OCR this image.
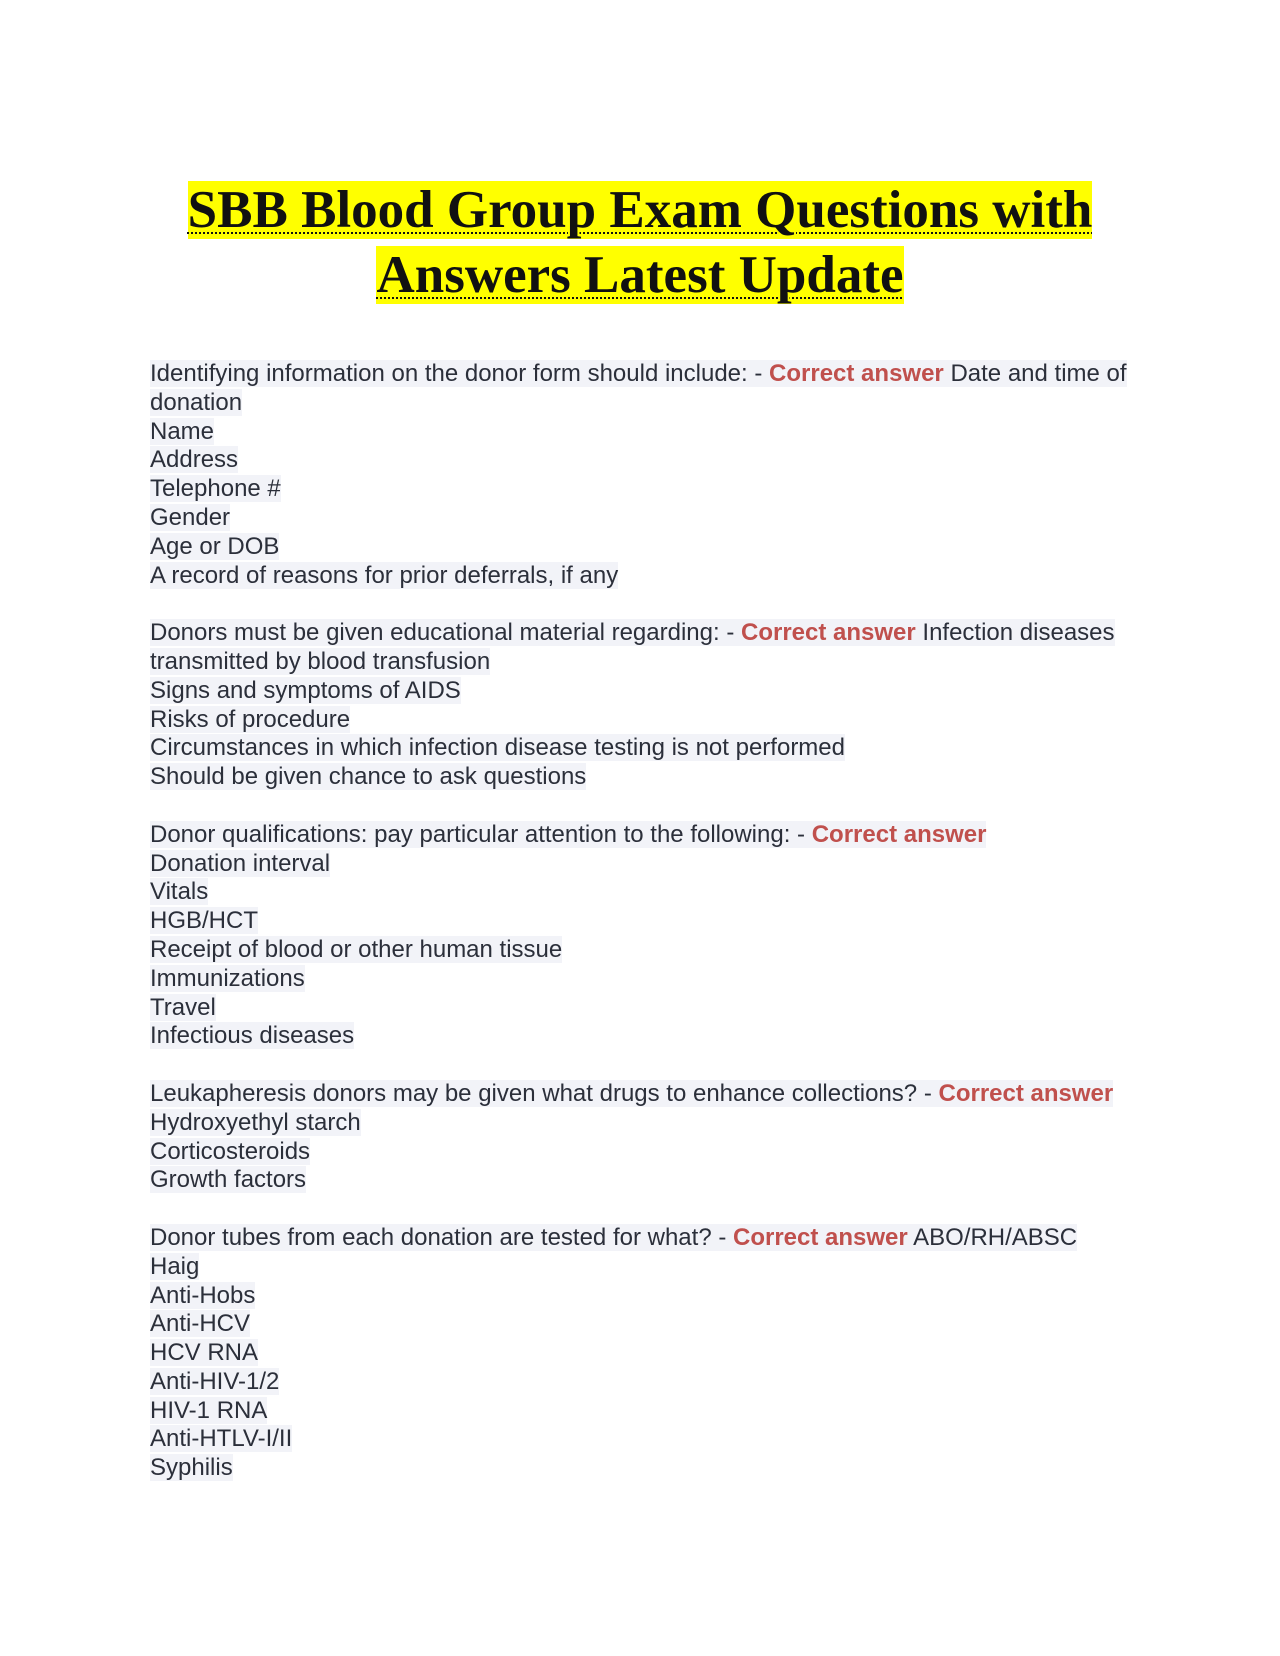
SBB Blood Group Exam Questions with
Answers Latest Update

Identifying information on the donor form should include: - Correct answer Date and time of donation

Name

Address

Telephone #

Gender

Age or DOB

A record of reasons for prior deferrals, if any

Donors must be given educational material regarding: - Correct answer Infection diseases transmitted by blood transfusion

Signs and symptoms of AIDS

Risks of procedure

Circumstances in which infection disease testing is not performed

Should be given chance to ask questions

Donor qualifications: pay particular attention to the following: - Correct answer

Donation interval

Vitals

HGB/HCT

Receipt of blood or other human tissue

Immunizations

Travel

Infectious diseases

Leukapheresis donors may be given what drugs to enhance collections? - Correct answer Hydroxyethyl starch

Corticosteroids

Growth factors

Donor tubes from each donation are tested for what? - Correct answer ABO/RH/ABSC

Haig

Anti-Hobs

Anti-HCV

HCV RNA

Anti-HIV-1/2

HIV-1 RNA

Anti-HTLV-I/II

Syphilis
